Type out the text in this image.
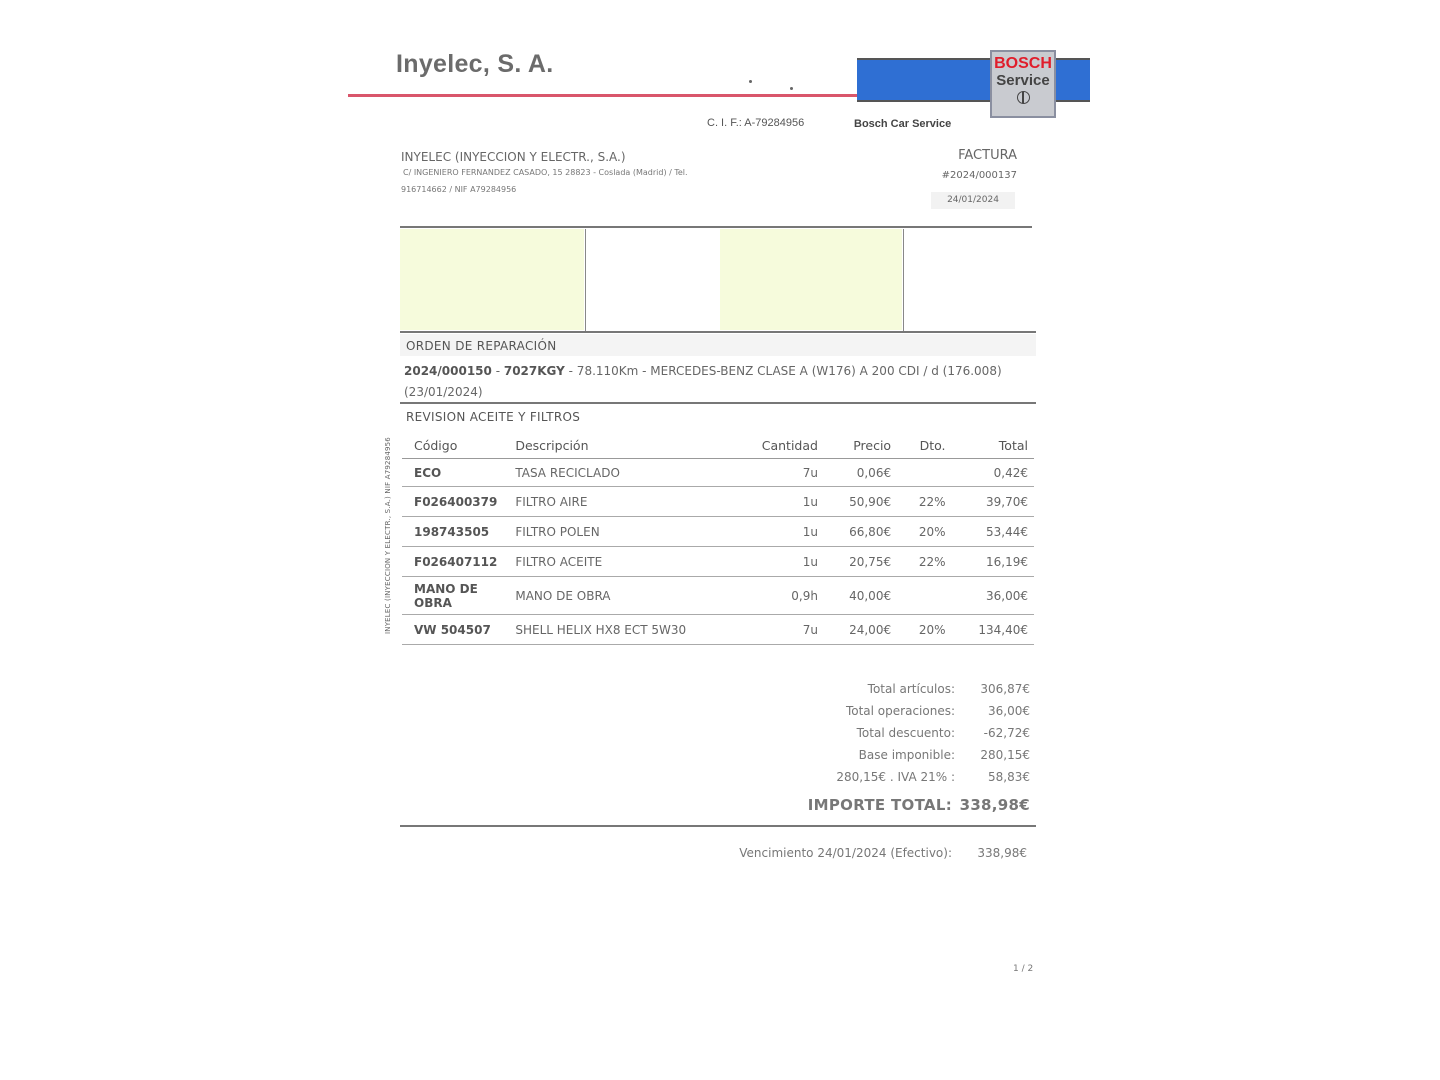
Inyelec, S. A.	BOSCH
Service
C. I. F.: A-79284956	Bosch Car Service
INYELEC (INYECCION Y ELECTR., S.A.)
C/ INGENIERO FERNANDEZ CASADO, 15 28823 - Coslada (Madrid) / Tel.
916714662 / NIF A79284956
FACTURA
#2024/000137
24/01/2024
ORDEN DE REPARACIÓN
2024/000150 - 7027KGY - 78.110Km - MERCEDES-BENZ CLASE A (W176) A 200 CDI / d (176.008)
(23/01/2024)
REVISION ACEITE Y FILTROS
Código	Descripción	Cantidad	Precio	Dto.	Total
ECO	TASA RECICLADO	7u	0,06€		0,42€
F026400379	FILTRO AIRE	1u	50,90€	22%	39,70€
198743505	FILTRO POLEN	1u	66,80€	20%	53,44€
F026407112	FILTRO ACEITE	1u	20,75€	22%	16,19€
MANO DE OBRA	MANO DE OBRA	0,9h	40,00€		36,00€
VW 504507	SHELL HELIX HX8 ECT 5W30	7u	24,00€	20%	134,40€
Total artículos:	306,87€
Total operaciones:	36,00€
Total descuento:	-62,72€
Base imponible:	280,15€
280,15€ . IVA 21% :	58,83€
IMPORTE TOTAL: 338,98€
Vencimiento 24/01/2024 (Efectivo):	338,98€
1 / 2
INYELEC (INYECCION Y ELECTR., S.A.) NIF A79284956
